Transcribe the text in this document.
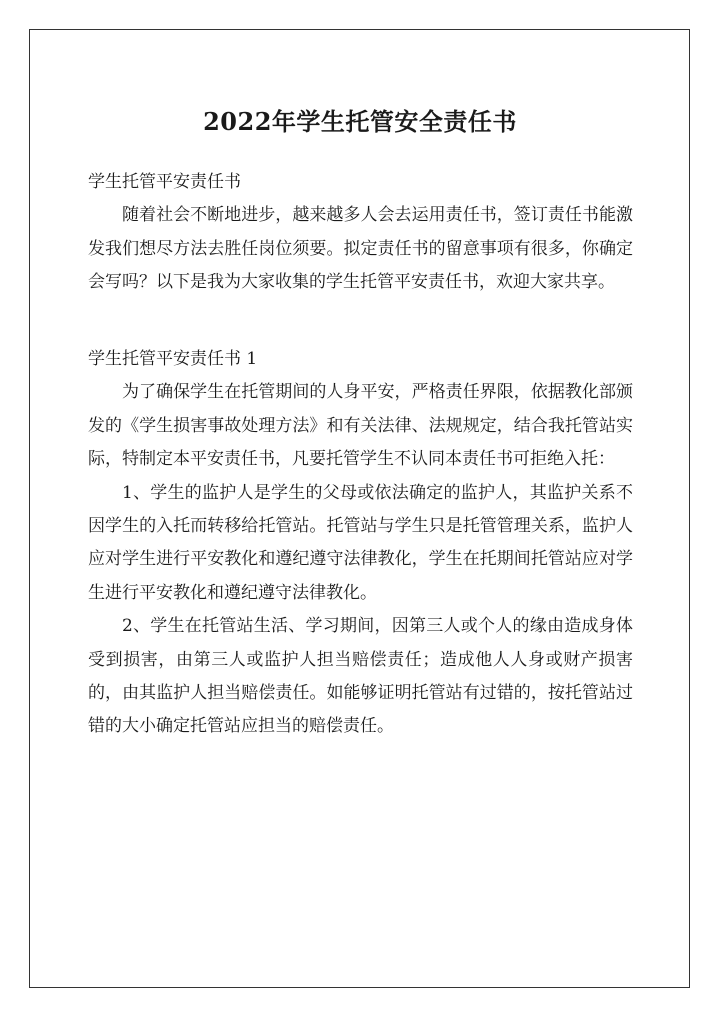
2022年学生托管安全责任书
学生托管平安责任书

随着社会不断地进步，越来越多人会去运用责任书，签订责任书能激发我们想尽方法去胜任岗位须要。拟定责任书的留意事项有很多，你确定会写吗？以下是我为大家收集的学生托管平安责任书，欢迎大家共享。

学生托管平安责任书 1

为了确保学生在托管期间的人身平安，严格责任界限，依据教化部颁发的《学生损害事故处理方法》和有关法律、法规规定，结合我托管站实际，特制定本平安责任书，凡要托管学生不认同本责任书可拒绝入托：

1、学生的监护人是学生的父母或依法确定的监护人，其监护关系不因学生的入托而转移给托管站。托管站与学生只是托管管理关系，监护人应对学生进行平安教化和遵纪遵守法律教化，学生在托期间托管站应对学生进行平安教化和遵纪遵守法律教化。

2、学生在托管站生活、学习期间，因第三人或个人的缘由造成身体受到损害，由第三人或监护人担当赔偿责任；造成他人人身或财产损害的，由其监护人担当赔偿责任。如能够证明托管站有过错的，按托管站过错的大小确定托管站应担当的赔偿责任。
